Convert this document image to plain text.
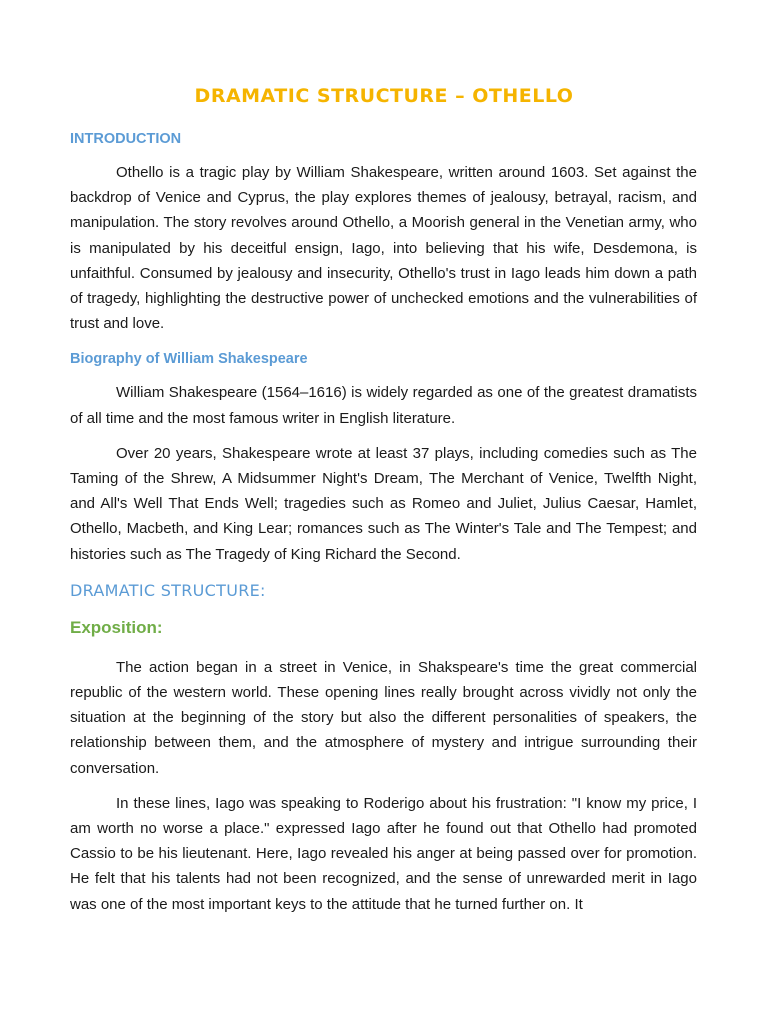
DRAMATIC STRUCTURE – OTHELLO
INTRODUCTION

Othello is a tragic play by William Shakespeare, written around 1603. Set against the backdrop of Venice and Cyprus, the play explores themes of jealousy, betrayal, racism, and manipulation. The story revolves around Othello, a Moorish general in the Venetian army, who is manipulated by his deceitful ensign, Iago, into believing that his wife, Desdemona, is unfaithful. Consumed by jealousy and insecurity, Othello's trust in Iago leads him down a path of tragedy, highlighting the destructive power of unchecked emotions and the vulnerabilities of trust and love.

Biography of William Shakespeare

William Shakespeare (1564–1616) is widely regarded as one of the greatest dramatists of all time and the most famous writer in English literature.

Over 20 years, Shakespeare wrote at least 37 plays, including comedies such as The Taming of the Shrew, A Midsummer Night's Dream, The Merchant of Venice, Twelfth Night, and All's Well That Ends Well; tragedies such as Romeo and Juliet, Julius Caesar, Hamlet, Othello, Macbeth, and King Lear; romances such as The Winter's Tale and The Tempest; and histories such as The Tragedy of King Richard the Second.

DRAMATIC STRUCTURE:
Exposition:

The action began in a street in Venice, in Shakspeare's time the great commercial republic of the western world. These opening lines really brought across vividly not only the situation at the beginning of the story but also the different personalities of speakers, the relationship between them, and the atmosphere of mystery and intrigue surrounding their conversation.

In these lines, Iago was speaking to Roderigo about his frustration: "I know my price, I am worth no worse a place." expressed Iago after he found out that Othello had promoted Cassio to be his lieutenant. Here, Iago revealed his anger at being passed over for promotion. He felt that his talents had not been recognized, and the sense of unrewarded merit in Iago was one of the most important keys to the attitude that he turned further on. It
